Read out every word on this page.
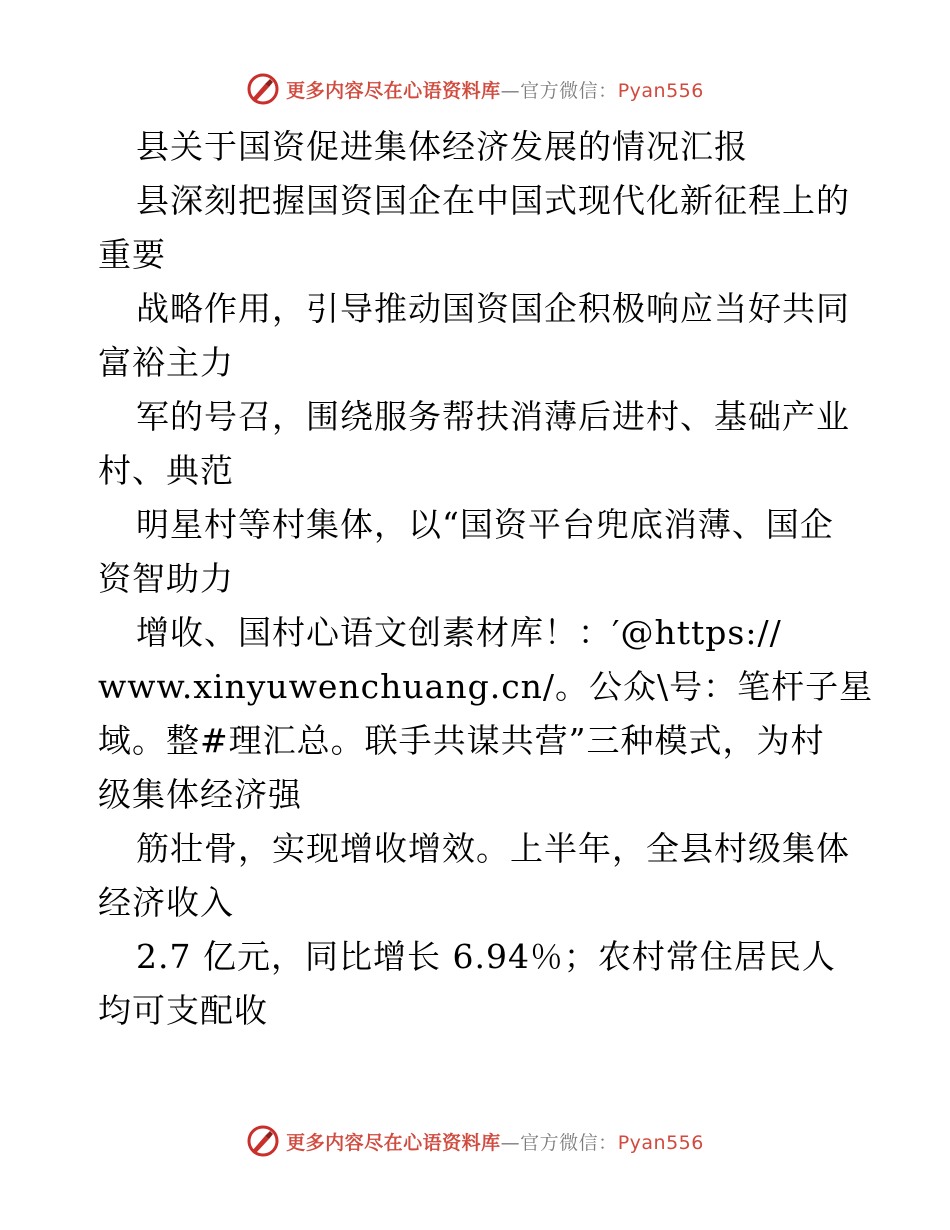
更多内容尽在心语资料库—官方微信：Pyan556
县关于国资促进集体经济发展的情况汇报
县深刻把握国资国企在中国式现代化新征程上的
重要
战略作用，引导推动国资国企积极响应当好共同
富裕主力
军的号召，围绕服务帮扶消薄后进村、基础产业
村、典范
明星村等村集体，以“国资平台兜底消薄、国企
资智助力
增收、国村心语文创素材库！：′@https://
www.xinyuwenchuang.cn/。公众\号：笔杆子星
域。整#理汇总。联手共谋共营”三种模式，为村
级集体经济强
筋壮骨，实现增收增效。上半年，全县村级集体
经济收入
2.7 亿元，同比增长 6.94％；农村常住居民人
均可支配收
更多内容尽在心语资料库—官方微信：Pyan556
